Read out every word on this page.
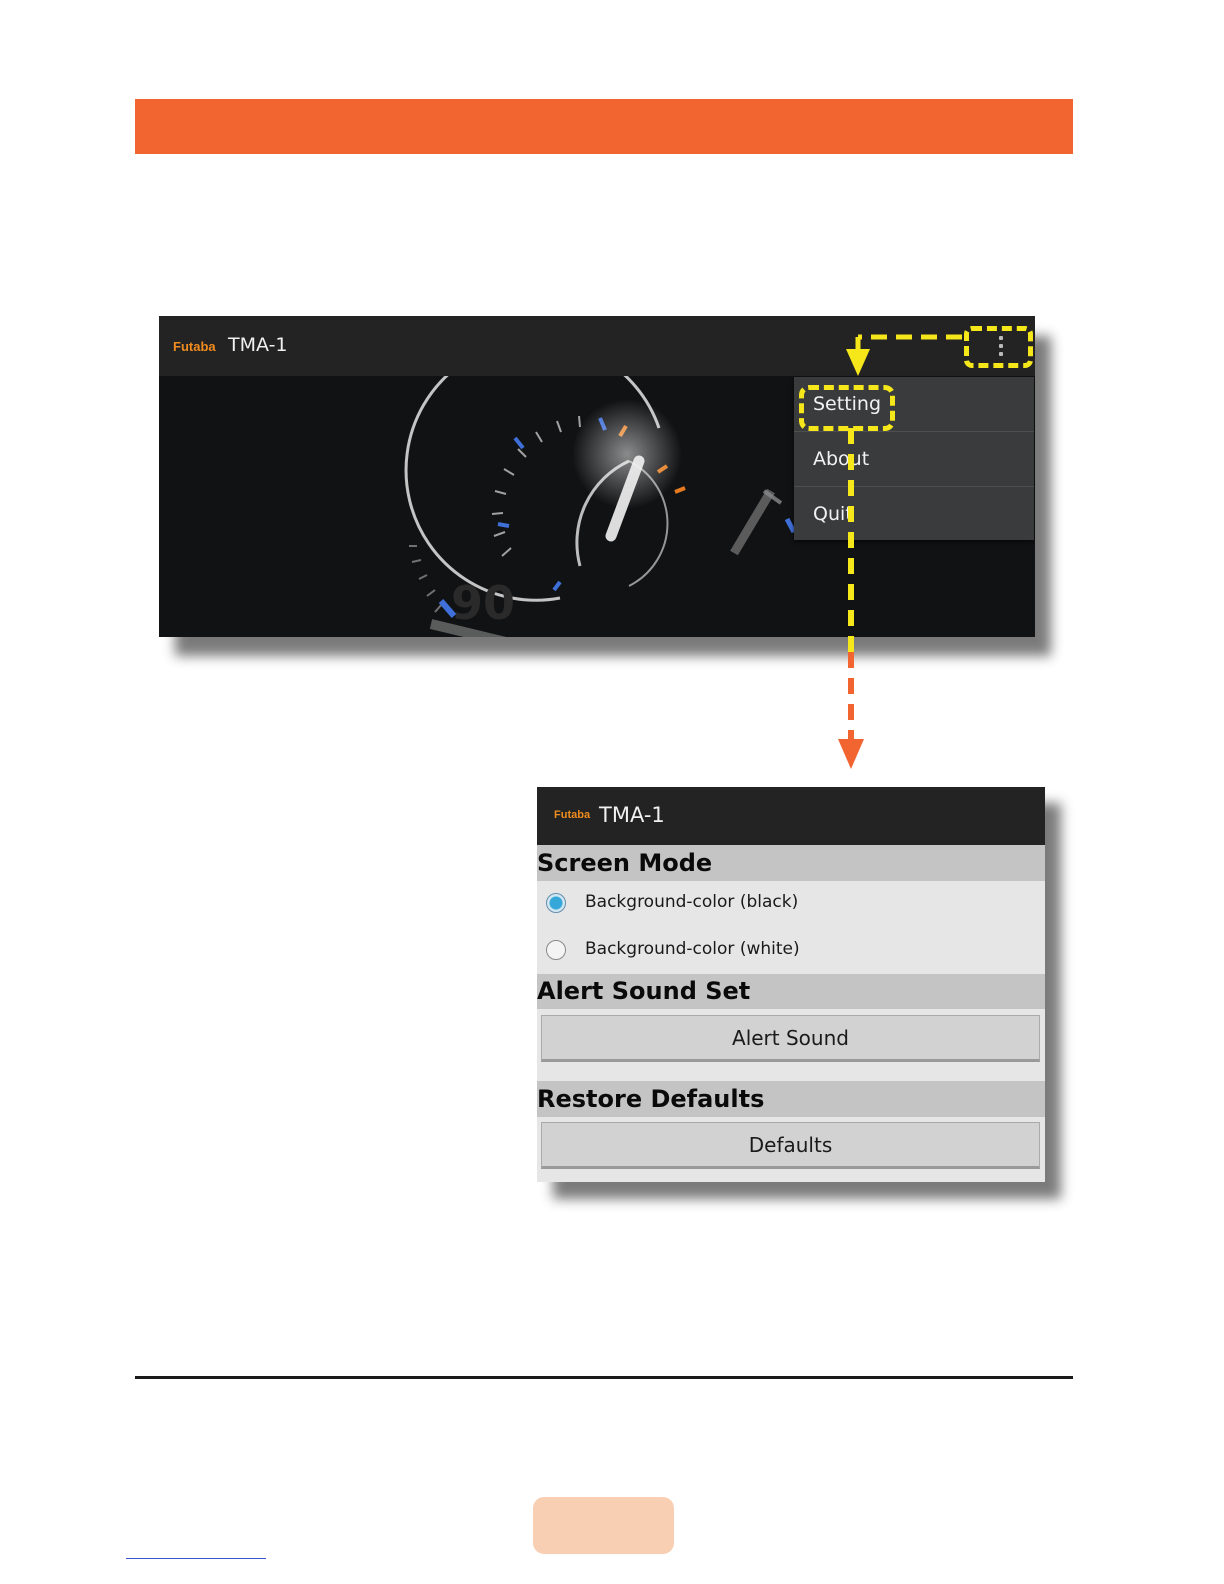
Futaba TMA-1
90
Setting
About
Quit
Futaba TMA-1
Screen Mode
Background-color (black)
Background-color (white)
Alert Sound Set
Alert Sound
Restore Defaults
Defaults
